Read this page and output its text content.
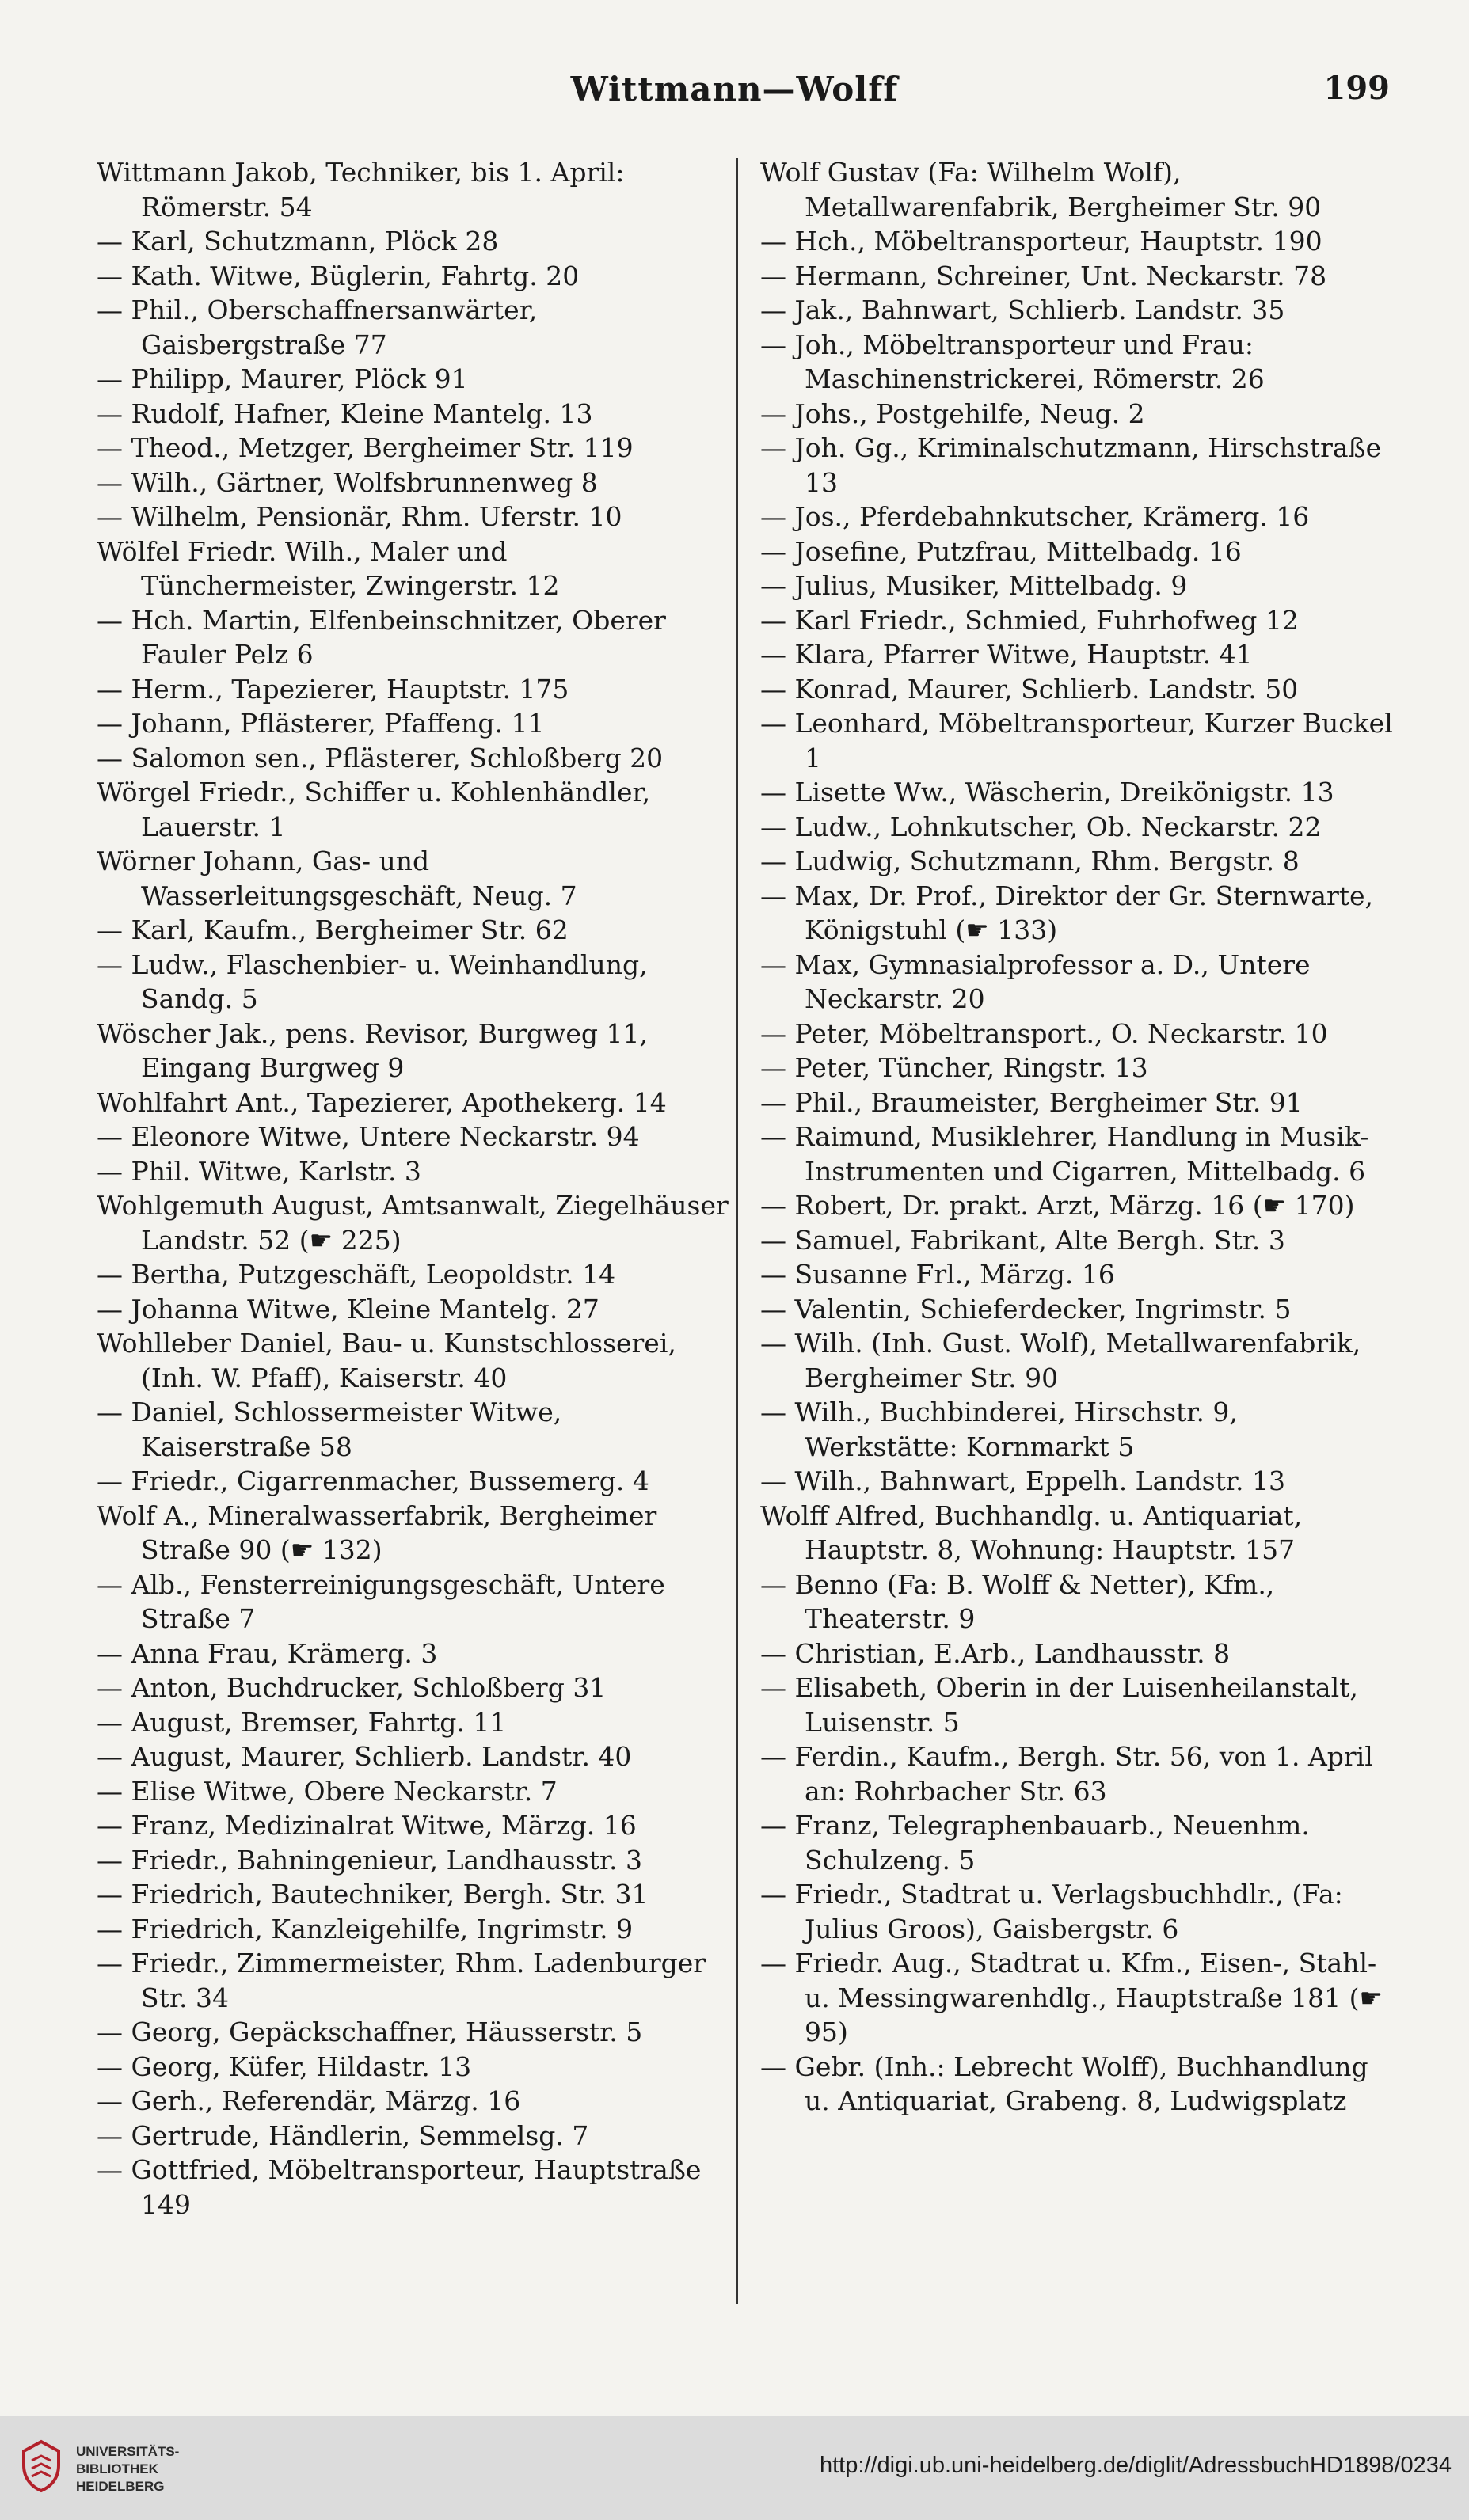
Wittmann—Wolff	199

Wittmann Jakob, Techniker, bis 1. April: Römerstr. 54

— Karl, Schutzmann, Plöck 28

— Kath. Witwe, Büglerin, Fahrtg. 20

— Phil., Oberschaffnersanwärter, Gaisbergstraße 77

— Philipp, Maurer, Plöck 91

— Rudolf, Hafner, Kleine Mantelg. 13

— Theod., Metzger, Bergheimer Str. 119

— Wilh., Gärtner, Wolfsbrunnenweg 8

— Wilhelm, Pensionär, Rhm. Uferstr. 10

Wölfel Friedr. Wilh., Maler und Tünchermeister, Zwingerstr. 12

— Hch. Martin, Elfenbeinschnitzer, Oberer Fauler Pelz 6

— Herm., Tapezierer, Hauptstr. 175

— Johann, Pflästerer, Pfaffeng. 11

— Salomon sen., Pflästerer, Schloßberg 20

Wörgel Friedr., Schiffer u. Kohlenhändler, Lauerstr. 1

Wörner Johann, Gas- und Wasserleitungsgeschäft, Neug. 7

— Karl, Kaufm., Bergheimer Str. 62

— Ludw., Flaschenbier- u. Weinhandlung, Sandg. 5

Wöscher Jak., pens. Revisor, Burgweg 11, Eingang Burgweg 9

Wohlfahrt Ant., Tapezierer, Apothekerg. 14

— Eleonore Witwe, Untere Neckarstr. 94

— Phil. Witwe, Karlstr. 3

Wohlgemuth August, Amtsanwalt, Ziegelhäuser Landstr. 52 (☛ 225)

— Bertha, Putzgeschäft, Leopoldstr. 14

— Johanna Witwe, Kleine Mantelg. 27

Wohlleber Daniel, Bau- u. Kunstschlosserei, (Inh. W. Pfaff), Kaiserstr. 40

— Daniel, Schlossermeister Witwe, Kaiserstraße 58

— Friedr., Cigarrenmacher, Bussemerg. 4

Wolf A., Mineralwasserfabrik, Bergheimer Straße 90 (☛ 132)

— Alb., Fensterreinigungsgeschäft, Untere Straße 7

— Anna Frau, Krämerg. 3

— Anton, Buchdrucker, Schloßberg 31

— August, Bremser, Fahrtg. 11

— August, Maurer, Schlierb. Landstr. 40

— Elise Witwe, Obere Neckarstr. 7

— Franz, Medizinalrat Witwe, Märzg. 16

— Friedr., Bahningenieur, Landhausstr. 3

— Friedrich, Bautechniker, Bergh. Str. 31

— Friedrich, Kanzleigehilfe, Ingrimstr. 9

— Friedr., Zimmermeister, Rhm. Ladenburger Str. 34

— Georg, Gepäckschaffner, Häusserstr. 5

— Georg, Küfer, Hildastr. 13

— Gerh., Referendär, Märzg. 16

— Gertrude, Händlerin, Semmelsg. 7

— Gottfried, Möbeltransporteur, Hauptstraße 149

Wolf Gustav (Fa: Wilhelm Wolf), Metallwarenfabrik, Bergheimer Str. 90

— Hch., Möbeltransporteur, Hauptstr. 190

— Hermann, Schreiner, Unt. Neckarstr. 78

— Jak., Bahnwart, Schlierb. Landstr. 35

— Joh., Möbeltransporteur und Frau: Maschinenstrickerei, Römerstr. 26

— Johs., Postgehilfe, Neug. 2

— Joh. Gg., Kriminalschutzmann, Hirschstraße 13

— Jos., Pferdebahnkutscher, Krämerg. 16

— Josefine, Putzfrau, Mittelbadg. 16

— Julius, Musiker, Mittelbadg. 9

— Karl Friedr., Schmied, Fuhrhofweg 12

— Klara, Pfarrer Witwe, Hauptstr. 41

— Konrad, Maurer, Schlierb. Landstr. 50

— Leonhard, Möbeltransporteur, Kurzer Buckel 1

— Lisette Ww., Wäscherin, Dreikönigstr. 13

— Ludw., Lohnkutscher, Ob. Neckarstr. 22

— Ludwig, Schutzmann, Rhm. Bergstr. 8

— Max, Dr. Prof., Direktor der Gr. Sternwarte, Königstuhl (☛ 133)

— Max, Gymnasialprofessor a. D., Untere Neckarstr. 20

— Peter, Möbeltransport., O. Neckarstr. 10

— Peter, Tüncher, Ringstr. 13

— Phil., Braumeister, Bergheimer Str. 91

— Raimund, Musiklehrer, Handlung in Musik-Instrumenten und Cigarren, Mittelbadg. 6

— Robert, Dr. prakt. Arzt, Märzg. 16 (☛ 170)

— Samuel, Fabrikant, Alte Bergh. Str. 3

— Susanne Frl., Märzg. 16

— Valentin, Schieferdecker, Ingrimstr. 5

— Wilh. (Inh. Gust. Wolf), Metallwarenfabrik, Bergheimer Str. 90

— Wilh., Buchbinderei, Hirschstr. 9, Werkstätte: Kornmarkt 5

— Wilh., Bahnwart, Eppelh. Landstr. 13

Wolff Alfred, Buchhandlg. u. Antiquariat, Hauptstr. 8, Wohnung: Hauptstr. 157

— Benno (Fa: B. Wolff & Netter), Kfm., Theaterstr. 9

— Christian, E.Arb., Landhausstr. 8

— Elisabeth, Oberin in der Luisenheilanstalt, Luisenstr. 5

— Ferdin., Kaufm., Bergh. Str. 56, von 1. April an: Rohrbacher Str. 63

— Franz, Telegraphenbauarb., Neuenhm. Schulzeng. 5

— Friedr., Stadtrat u. Verlagsbuchhdlr., (Fa: Julius Groos), Gaisbergstr. 6

— Friedr. Aug., Stadtrat u. Kfm., Eisen-, Stahl- u. Messingwarenhdlg., Hauptstraße 181 (☛ 95)

— Gebr. (Inh.: Lebrecht Wolff), Buchhandlung u. Antiquariat, Grabeng. 8, Ludwigsplatz

UNIVERSITÄTS-
BIBLIOTHEK
HEIDELBERG
http://digi.ub.uni-heidelberg.de/diglit/AdressbuchHD1898/0234
